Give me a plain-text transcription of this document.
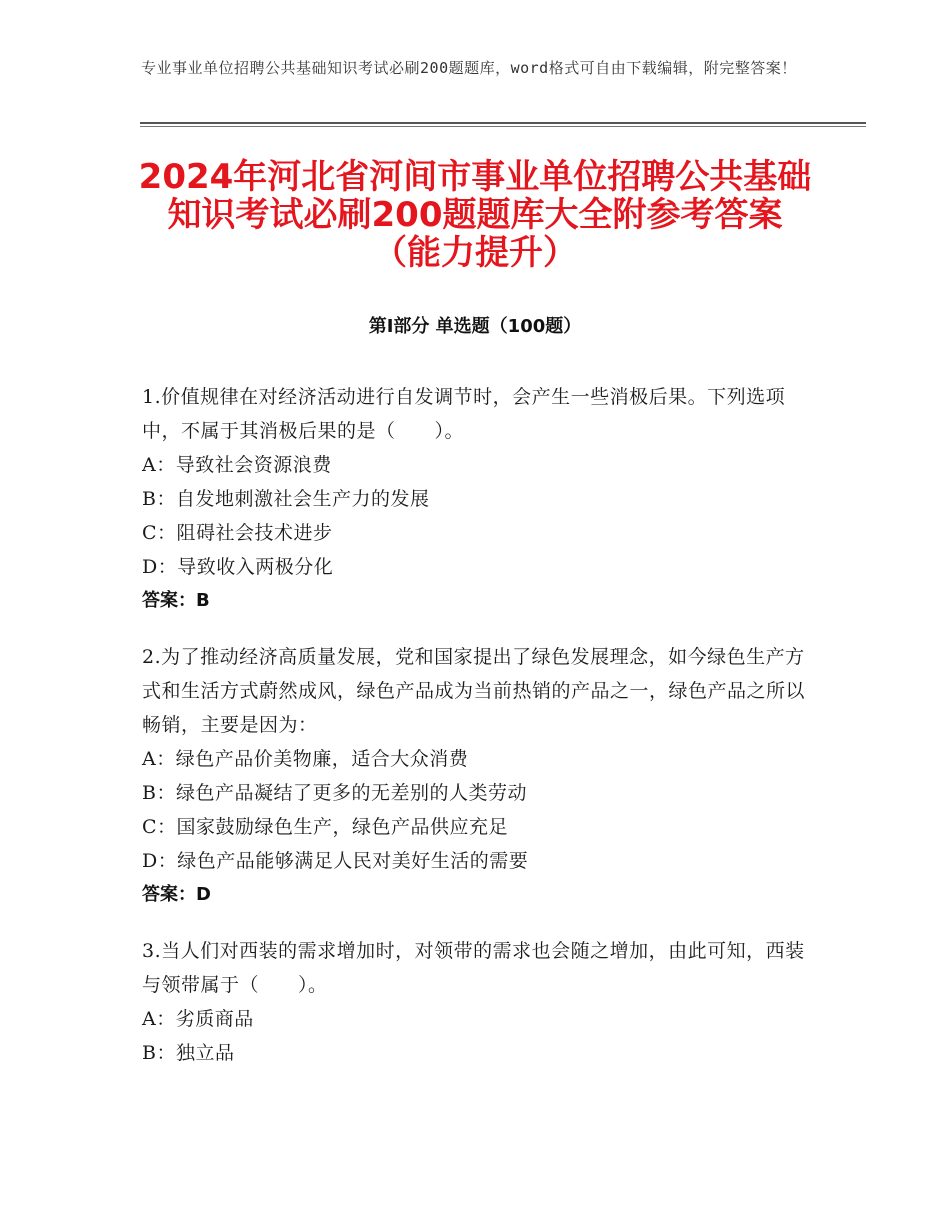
专业事业单位招聘公共基础知识考试必刷200题题库，word格式可自由下载编辑，附完整答案！
2024年河北省河间市事业单位招聘公共基础
知识考试必刷200题题库大全附参考答案
（能力提升）
第I部分 单选题（100题）
1.价值规律在对经济活动进行自发调节时，会产生一些消极后果。下列选项中，不属于其消极后果的是（　　）。
A：导致社会资源浪费
B：自发地刺激社会生产力的发展
C：阻碍社会技术进步
D：导致收入两极分化
答案：B
2.为了推动经济高质量发展，党和国家提出了绿色发展理念，如今绿色生产方式和生活方式蔚然成风，绿色产品成为当前热销的产品之一，绿色产品之所以畅销，主要是因为：
A：绿色产品价美物廉，适合大众消费
B：绿色产品凝结了更多的无差别的人类劳动
C：国家鼓励绿色生产，绿色产品供应充足
D：绿色产品能够满足人民对美好生活的需要
答案：D
3.当人们对西装的需求增加时，对领带的需求也会随之增加，由此可知，西装与领带属于（　　）。
A：劣质商品
B：独立品
